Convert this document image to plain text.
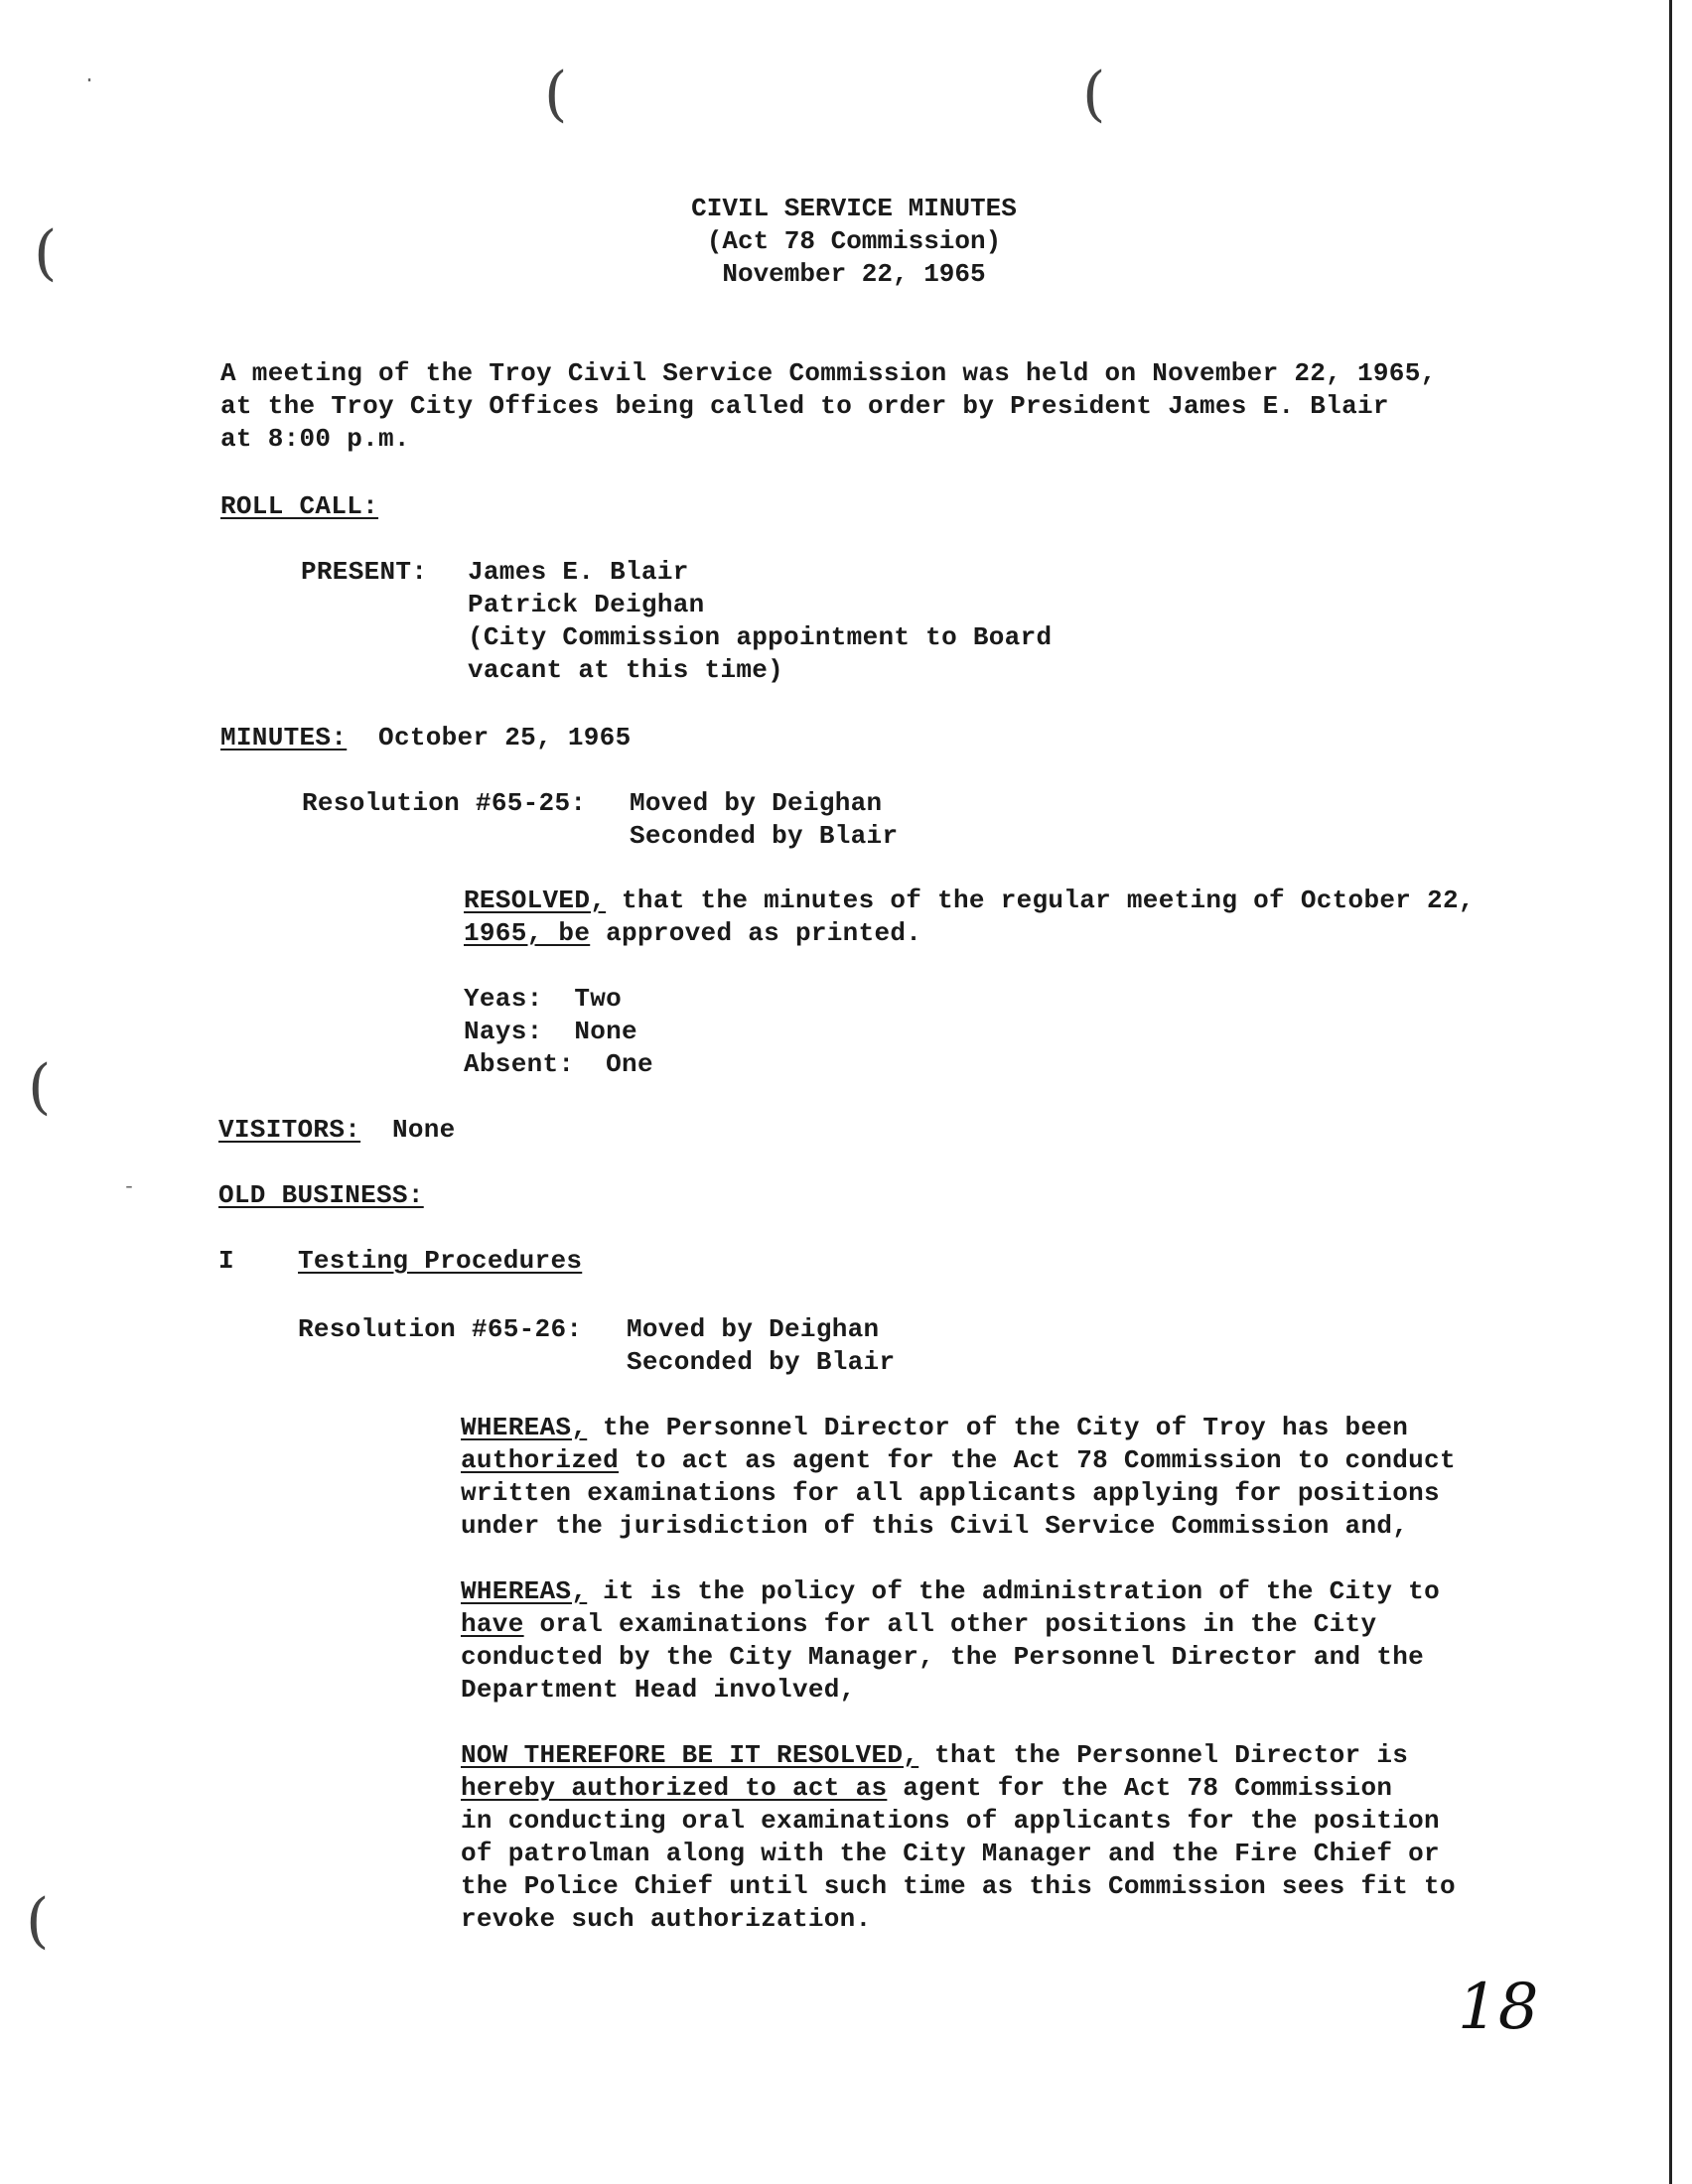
(	(
(
(
(
.
-
CIVIL SERVICE MINUTES
(Act 78 Commission)
November 22, 1965
A meeting of the Troy Civil Service Commission was held on November 22, 1965,
at the Troy City Offices being called to order by President James E. Blair
at 8:00 p.m.
ROLL CALL:
PRESENT: James E. Blair
Patrick Deighan
(City Commission appointment to Board
vacant at this time)
MINUTES: October 25, 1965
Resolution #65-25: Moved by Deighan
Seconded by Blair
RESOLVED, that the minutes of the regular meeting of October 22,
1965, be approved as printed.
Yeas: Two
Nays: None
Absent: One
VISITORS: None
OLD BUSINESS:
I Testing Procedures
Resolution #65-26: Moved by Deighan
Seconded by Blair
WHEREAS, the Personnel Director of the City of Troy has been
authorized to act as agent for the Act 78 Commission to conduct
written examinations for all applicants applying for positions
under the jurisdiction of this Civil Service Commission and,
WHEREAS, it is the policy of the administration of the City to
have oral examinations for all other positions in the City
conducted by the City Manager, the Personnel Director and the
Department Head involved,
NOW THEREFORE BE IT RESOLVED, that the Personnel Director is
hereby authorized to act as agent for the Act 78 Commission
in conducting oral examinations of applicants for the position
of patrolman along with the City Manager and the Fire Chief or
the Police Chief until such time as this Commission sees fit to
revoke such authorization.
18
